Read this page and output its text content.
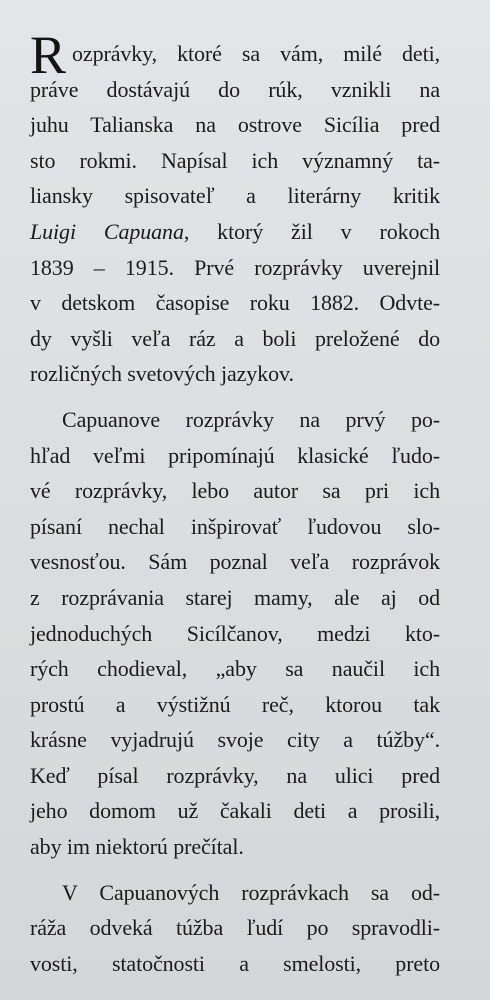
R ozprávky, ktoré sa vám, milé deti,
práve dostávajú do rúk, vznikli na
juhu Talianska na ostrove Sicília pred
sto rokmi. Napísal ich významný ta-
liansky spisovateľ a literárny kritik
Luigi Capuana, ktorý žil v rokoch
1839 – 1915. Prvé rozprávky uverejnil
v detskom časopise roku 1882. Odvte-
dy vyšli veľa ráz a boli preložené do
rozličných svetových jazykov.
Capuanove rozprávky na prvý po-
hľad veľmi pripomínajú klasické ľudo-
vé rozprávky, lebo autor sa pri ich
písaní nechal inšpirovať ľudovou slo-
vesnosťou. Sám poznal veľa rozprávok
z rozprávania starej mamy, ale aj od
jednoduchých Sicílčanov, medzi kto-
rých chodieval, „aby sa naučil ich
prostú a výstižnú reč, ktorou tak
krásne vyjadrujú svoje city a túžby“.
Keď písal rozprávky, na ulici pred
jeho domom už čakali deti a prosili,
aby im niektorú prečítal.
V Capuanových rozprávkach sa od-
ráža odveká túžba ľudí po spravodli-
vosti, statočnosti a smelosti, preto
